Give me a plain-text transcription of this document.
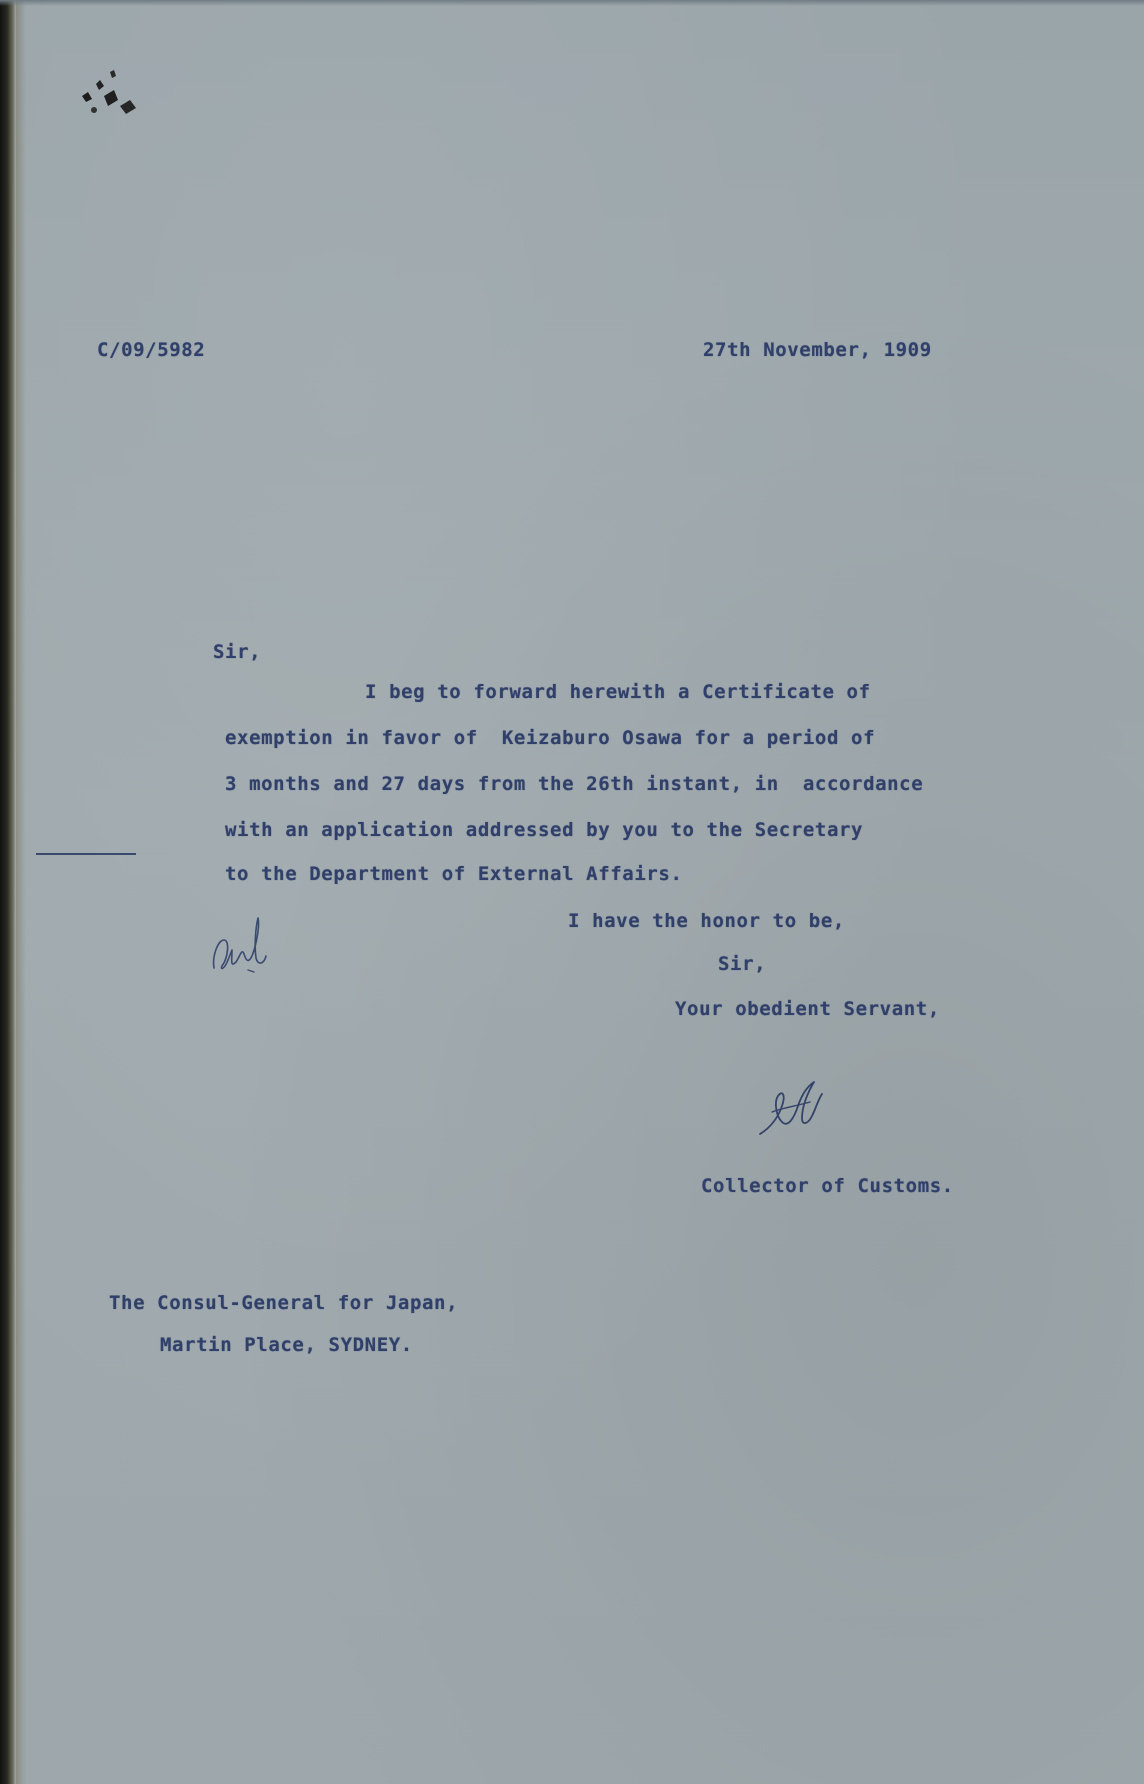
C/09/5982	27th November, 1909
Sir,
I beg to forward herewith a Certificate of
exemption in favor of  Keizaburo Osawa for a period of
3 months and 27 days from the 26th instant, in  accordance
with an application addressed by you to the Secretary
to the Department of External Affairs.
I have the honor to be,
Sir,
Your obedient Servant,
Collector of Customs.
The Consul-General for Japan,
Martin Place, SYDNEY.
